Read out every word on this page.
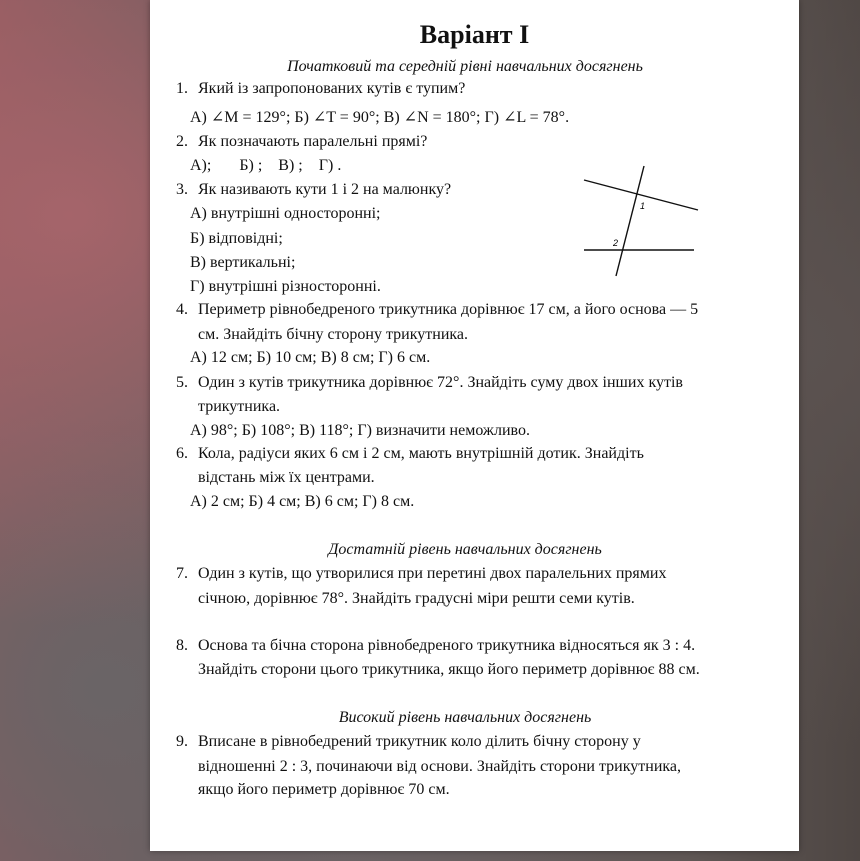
Варіант І
Початковий та середній рівні навчальних досягнень
1. Який із запропонованих кутів є тупим?
А) ∠M = 129°; Б) ∠T = 90°; В) ∠N = 180°; Г) ∠L = 78°.
2. Як позначають паралельні прямі?
А);       Б) ;    В) ;    Г) .
3. Як називають кути 1 і 2 на малюнку?
А) внутрішні односторонні;
Б) відповідні;
В) вертикальні;
Г) внутрішні різносторонні.
1
2
4. Периметр рівнобедреного трикутника дорівнює 17 см, а його основа — 5
см. Знайдіть бічну сторону трикутника.
А) 12 см; Б) 10 см; В) 8 см; Г) 6 см.
5. Один з кутів трикутника дорівнює 72°. Знайдіть суму двох інших кутів
трикутника.
А) 98°; Б) 108°; В) 118°; Г) визначити неможливо.
6. Кола, радіуси яких 6 см і 2 см, мають внутрішній дотик. Знайдіть
відстань між їх центрами.
А) 2 см; Б) 4 см; В) 6 см; Г) 8 см.
Достатній рівень навчальних досягнень
7. Один з кутів, що утворилися при перетині двох паралельних прямих
січною, дорівнює 78°. Знайдіть градусні міри решти семи кутів.
8. Основа та бічна сторона рівнобедреного трикутника відносяться як 3 : 4.
Знайдіть сторони цього трикутника, якщо його периметр дорівнює 88 см.
Високий рівень навчальних досягнень
9. Вписане в рівнобедрений трикутник коло ділить бічну сторону у
відношенні 2 : 3, починаючи від основи. Знайдіть сторони трикутника,
якщо його периметр дорівнює 70 см.
